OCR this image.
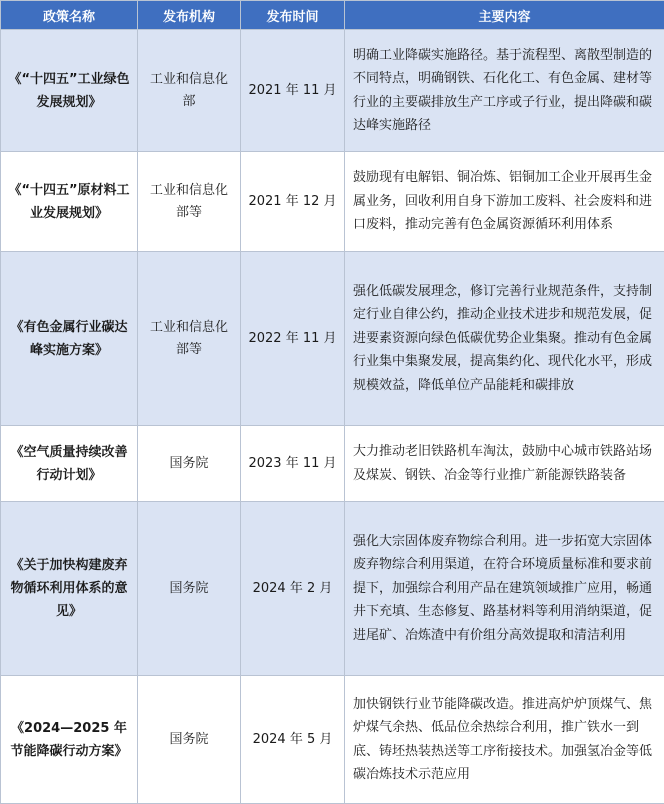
政策名称	发布机构	发布时间	主要内容
《“十四五”工业绿色发展规划》	工业和信息化部	2021 年 11 月	明确工业降碳实施路径。基于流程型、离散型制造的不同特点，明确钢铁、石化化工、有色金属、建材等行业的主要碳排放生产工序或子行业，提出降碳和碳达峰实施路径
《“十四五”原材料工业发展规划》	工业和信息化部等	2021 年 12 月	鼓励现有电解铝、铜冶炼、铝铜加工企业开展再生金属业务，回收利用自身下游加工废料、社会废料和进口废料，推动完善有色金属资源循环利用体系
《有色金属行业碳达峰实施方案》	工业和信息化部等	2022 年 11 月	强化低碳发展理念，修订完善行业规范条件，支持制定行业自律公约，推动企业技术进步和规范发展，促进要素资源向绿色低碳优势企业集聚。推动有色金属行业集中集聚发展，提高集约化、现代化水平，形成规模效益，降低单位产品能耗和碳排放
《空气质量持续改善行动计划》	国务院	2023 年 11 月	大力推动老旧铁路机车淘汰，鼓励中心城市铁路站场及煤炭、钢铁、冶金等行业推广新能源铁路装备
《关于加快构建废弃物循环利用体系的意见》	国务院	2024 年 2 月	强化大宗固体废弃物综合利用。进一步拓宽大宗固体废弃物综合利用渠道，在符合环境质量标准和要求前提下，加强综合利用产品在建筑领域推广应用，畅通井下充填、生态修复、路基材料等利用消纳渠道，促进尾矿、冶炼渣中有价组分高效提取和清洁利用
《2024—2025 年节能降碳行动方案》	国务院	2024 年 5 月	加快钢铁行业节能降碳改造。推进高炉炉顶煤气、焦炉煤气余热、低品位余热综合利用，推广铁水一到底、铸坯热装热送等工序衔接技术。加强氢冶金等低碳冶炼技术示范应用
